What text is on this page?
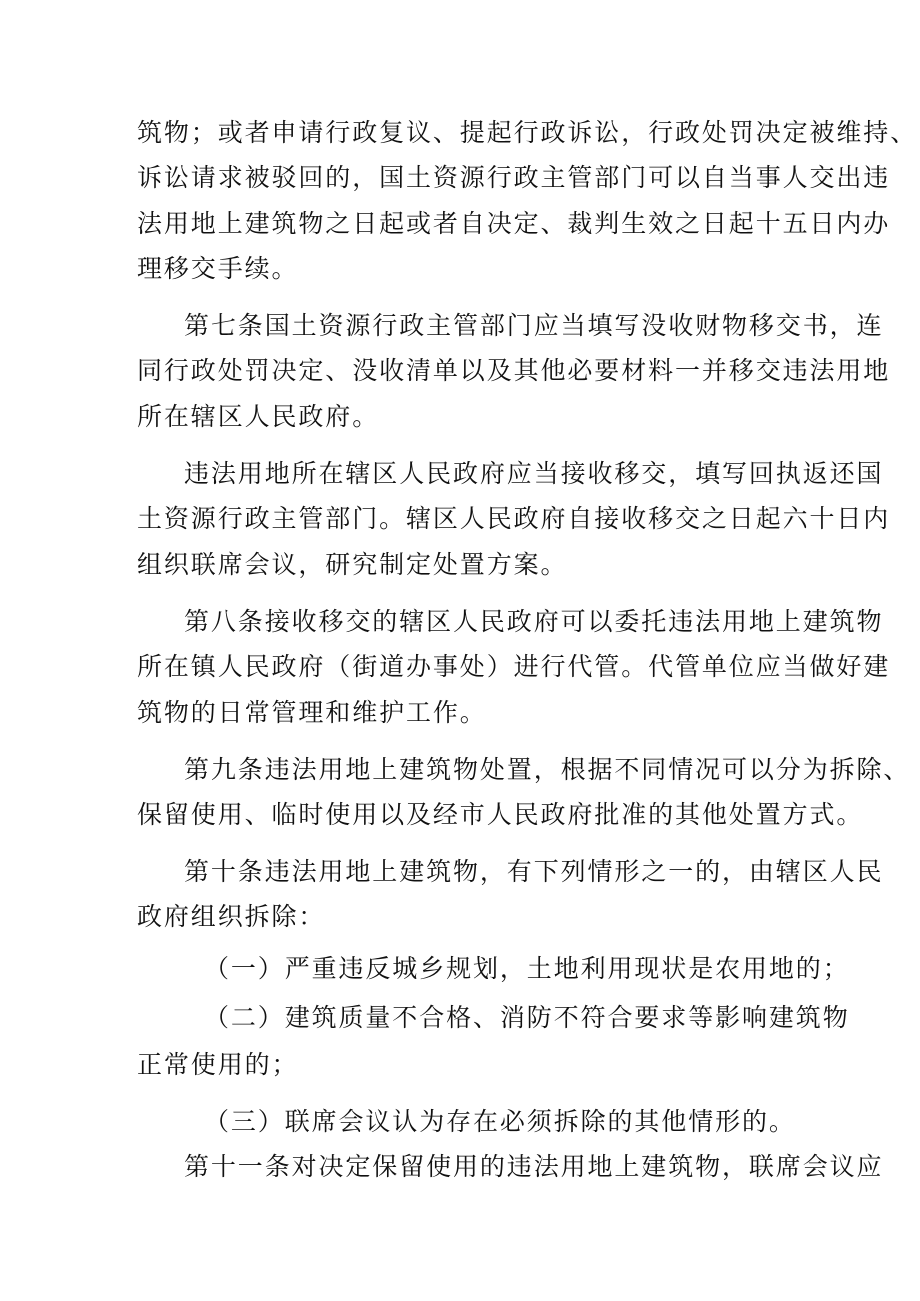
筑物；或者申请行政复议、提起行政诉讼，行政处罚决定被维持、
诉讼请求被驳回的，国土资源行政主管部门可以自当事人交出违
法用地上建筑物之日起或者自决定、裁判生效之日起十五日内办
理移交手续。
第七条国土资源行政主管部门应当填写没收财物移交书，连
同行政处罚决定、没收清单以及其他必要材料一并移交违法用地
所在辖区人民政府。
违法用地所在辖区人民政府应当接收移交，填写回执返还国
土资源行政主管部门。辖区人民政府自接收移交之日起六十日内
组织联席会议，研究制定处置方案。
第八条接收移交的辖区人民政府可以委托违法用地上建筑物
所在镇人民政府（街道办事处）进行代管。代管单位应当做好建
筑物的日常管理和维护工作。
第九条违法用地上建筑物处置，根据不同情况可以分为拆除、
保留使用、临时使用以及经市人民政府批准的其他处置方式。
第十条违法用地上建筑物，有下列情形之一的，由辖区人民
政府组织拆除：
（一）严重违反城乡规划，土地利用现状是农用地的；
（二）建筑质量不合格、消防不符合要求等影响建筑物
正常使用的；
（三）联席会议认为存在必须拆除的其他情形的。
第十一条对决定保留使用的违法用地上建筑物，联席会议应
